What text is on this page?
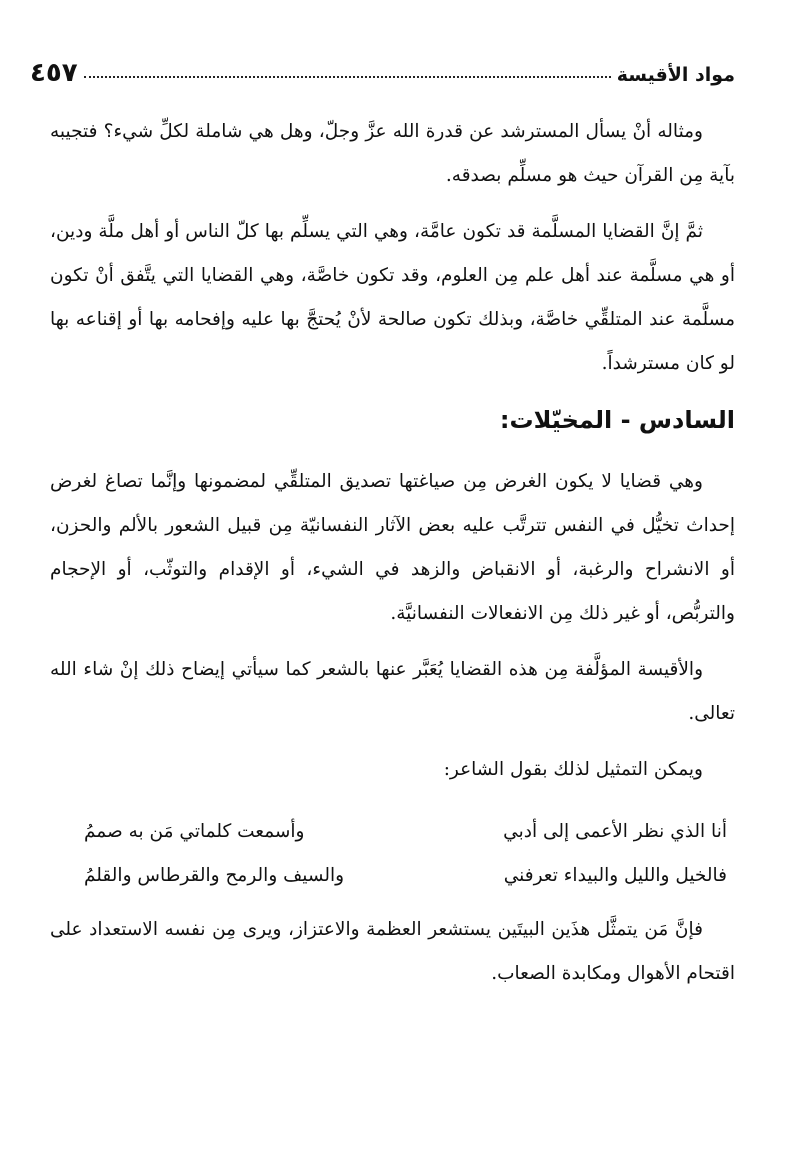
مواد الأقيسة
٤٥٧

ومثاله أنْ يسأل المسترشد عن قدرة الله عزَّ وجلّ، وهل هي شاملة لكلِّ شيء؟ فتجيبه بآية مِن القرآن حيث هو مسلِّم بصدقه.

ثمَّ إنَّ القضايا المسلَّمة قد تكون عامَّة، وهي التي يسلِّم بها كلّ الناس أو أهل ملَّة ودين، أو هي مسلَّمة عند أهل علم مِن العلوم، وقد تكون خاصَّة، وهي القضايا التي يتَّفق أنْ تكون مسلَّمة عند المتلقِّي خاصَّة، وبذلك تكون صالحة لأنْ يُحتجَّ بها عليه وإفحامه بها أو إقناعه بها لو كان مسترشداً.

السادس - المخيّلات:

وهي قضايا لا يكون الغرض مِن صياغتها تصديق المتلقِّي لمضمونها وإنَّما تصاغ لغرض إحداث تخيُّل في النفس تترتَّب عليه بعض الآثار النفسانيّة مِن قبيل الشعور بالألم والحزن، أو الانشراح والرغبة، أو الانقباض والزهد في الشيء، أو الإقدام والتوثّب، أو الإحجام والتربُّص، أو غير ذلك مِن الانفعالات النفسانيَّة.

والأقيسة المؤلَّفة مِن هذه القضايا يُعَبَّر عنها بالشعر كما سيأتي إيضاح ذلك إنْ شاء الله تعالى.

ويمكن التمثيل لذلك بقول الشاعر:

أنا الذي نظر الأعمى إلى أدبي
وأسمعت كلماتي مَن به صممُ
فالخيل والليل والبيداء تعرفني
والسيف والرمح والقرطاس والقلمُ

فإنَّ مَن يتمثَّل هذَين البيتَين يستشعر العظمة والاعتزاز، ويرى مِن نفسه الاستعداد على اقتحام الأهوال ومكابدة الصعاب.
